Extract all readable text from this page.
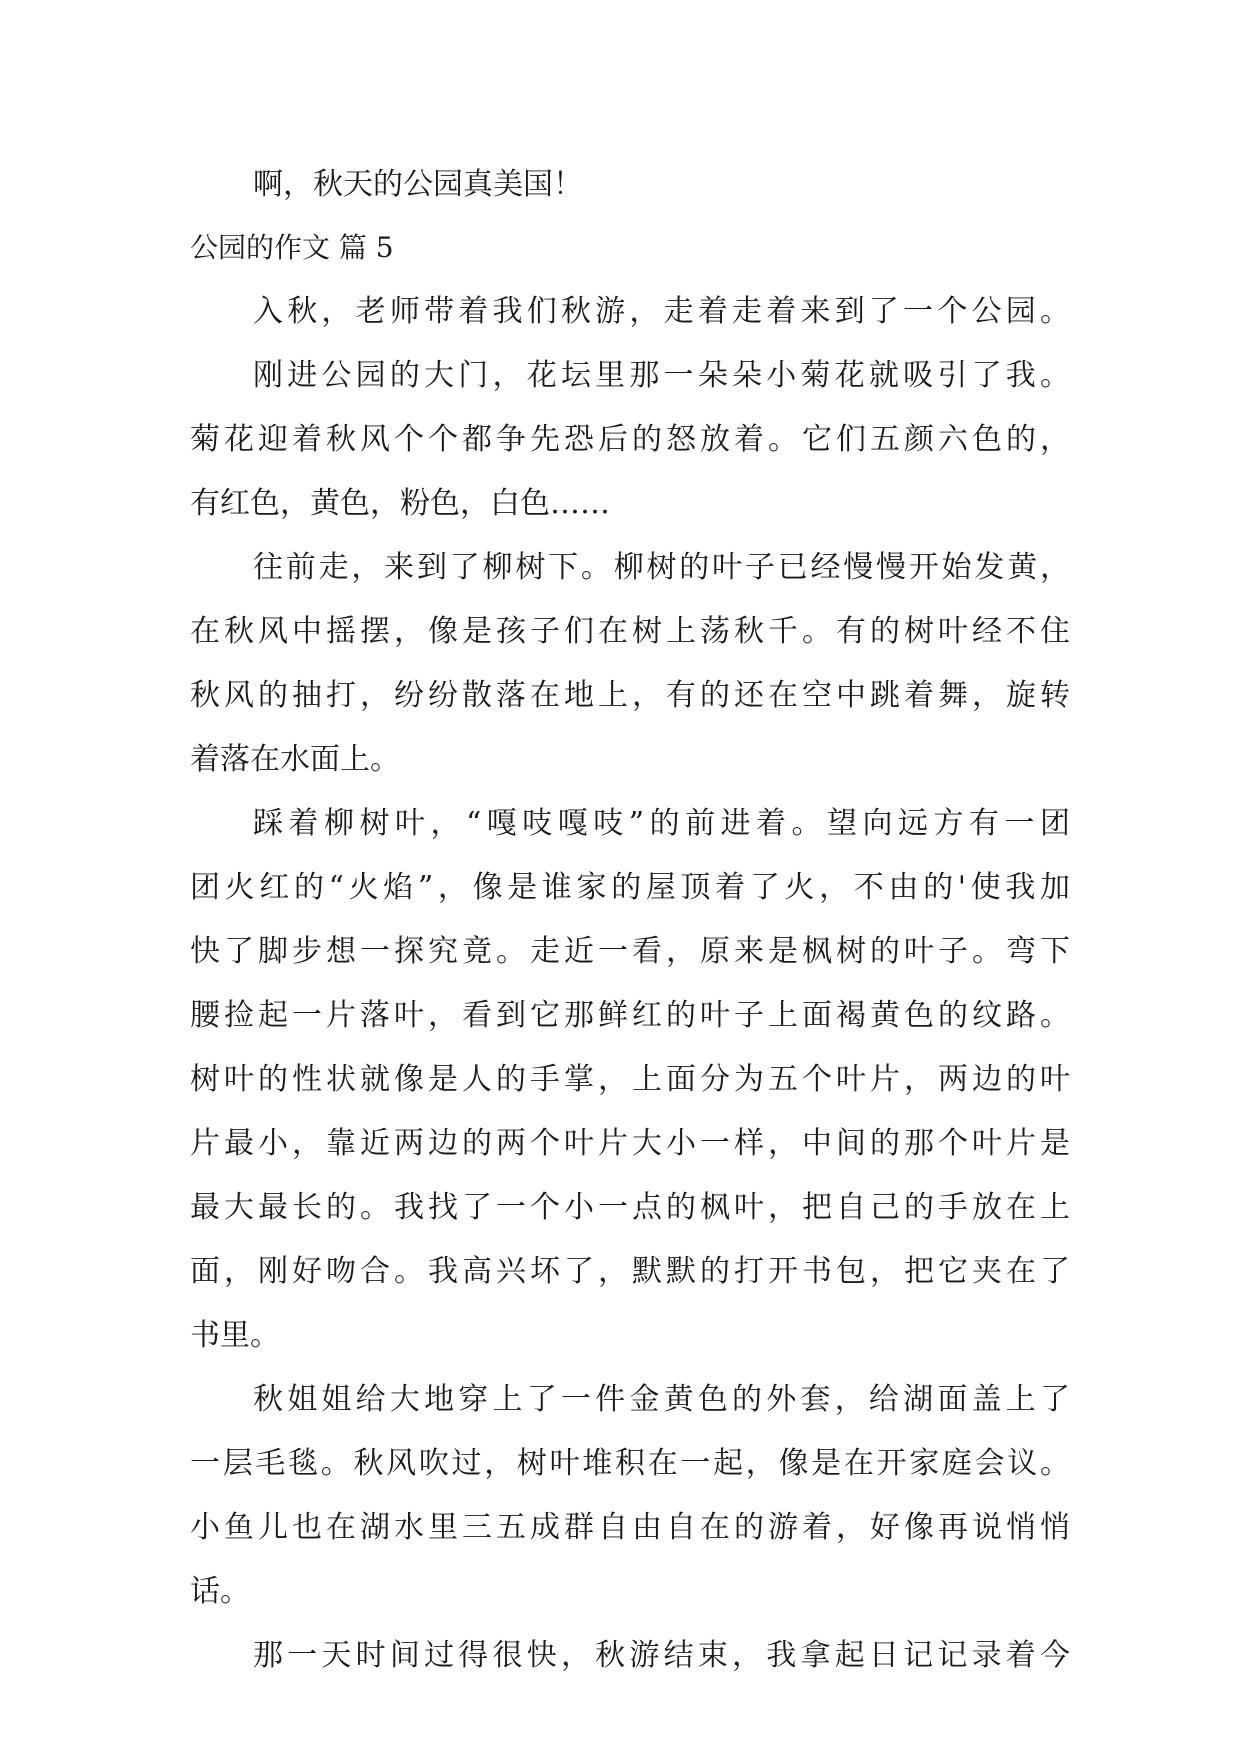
啊，秋天的公园真美国！
公园的作文 篇 5
入秋，老师带着我们秋游，走着走着来到了一个公园。
刚进公园的大门，花坛里那一朵朵小菊花就吸引了我。
菊花迎着秋风个个都争先恐后的怒放着。它们五颜六色的，
有红色，黄色，粉色，白色……
往前走，来到了柳树下。柳树的叶子已经慢慢开始发黄，
在秋风中摇摆，像是孩子们在树上荡秋千。有的树叶经不住
秋风的抽打，纷纷散落在地上，有的还在空中跳着舞，旋转
着落在水面上。
踩着柳树叶，“嘎吱嘎吱”的前进着。望向远方有一团
团火红的“火焰”，像是谁家的屋顶着了火，不由的'使我加
快了脚步想一探究竟。走近一看，原来是枫树的叶子。弯下
腰捡起一片落叶，看到它那鲜红的叶子上面褐黄色的纹路。
树叶的性状就像是人的手掌，上面分为五个叶片，两边的叶
片最小，靠近两边的两个叶片大小一样，中间的那个叶片是
最大最长的。我找了一个小一点的枫叶，把自己的手放在上
面，刚好吻合。我高兴坏了，默默的打开书包，把它夹在了
书里。
秋姐姐给大地穿上了一件金黄色的外套，给湖面盖上了
一层毛毯。秋风吹过，树叶堆积在一起，像是在开家庭会议。
小鱼儿也在湖水里三五成群自由自在的游着，好像再说悄悄
话。
那一天时间过得很快，秋游结束，我拿起日记记录着今
